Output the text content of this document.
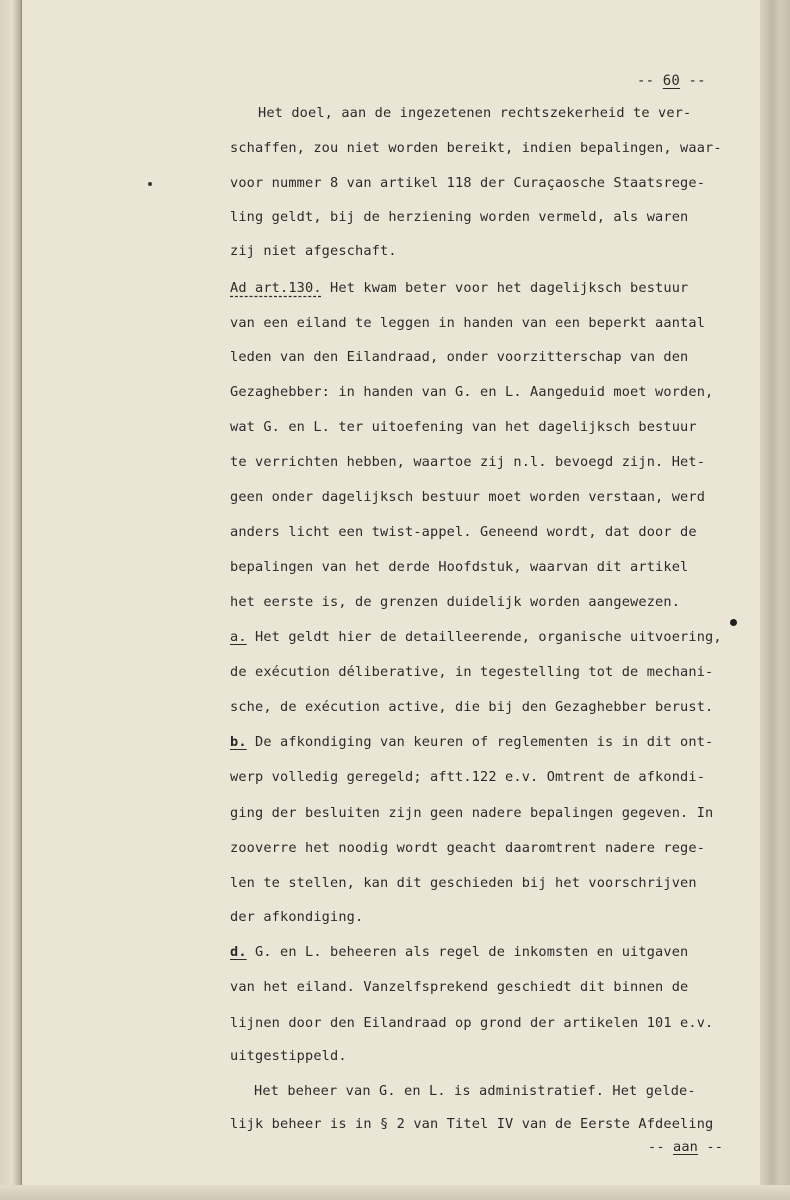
-- 60 --
Het doel, aan de ingezetenen rechtszekerheid te ver-
schaffen, zou niet worden bereikt, indien bepalingen, waar-
voor nummer 8 van artikel 118 der Curaçaosche Staatsrege-
ling geldt, bij de herziening worden vermeld, als waren
zij niet afgeschaft.
Ad art.130. Het kwam beter voor het dagelijksch bestuur
van een eiland te leggen in handen van een beperkt aantal
leden van den Eilandraad, onder voorzitterschap van den
Gezaghebber: in handen van G. en L. Aangeduid moet worden,
wat G. en L. ter uitoefening van het dagelijksch bestuur
te verrichten hebben, waartoe zij n.l. bevoegd zijn. Het-
geen onder dagelijksch bestuur moet worden verstaan, werd
anders licht een twist-appel. Geneend wordt, dat door de
bepalingen van het derde Hoofdstuk, waarvan dit artikel
het eerste is, de grenzen duidelijk worden aangewezen.
a. Het geldt hier de detailleerende, organische uitvoering,
de exécution déliberative, in tegestelling tot de mechani-
sche, de exécution active, die bij den Gezaghebber berust.
b. De afkondiging van keuren of reglementen is in dit ont-
werp volledig geregeld; aftt.122 e.v. Omtrent de afkondi-
ging der besluiten zijn geen nadere bepalingen gegeven. In
zooverre het noodig wordt geacht daaromtrent nadere rege-
len te stellen, kan dit geschieden bij het voorschrijven
der afkondiging.
d. G. en L. beheeren als regel de inkomsten en uitgaven
van het eiland. Vanzelfsprekend geschiedt dit binnen de
lijnen door den Eilandraad op grond der artikelen 101 e.v.
uitgestippeld.
Het beheer van G. en L. is administratief. Het gelde-
lijk beheer is in § 2 van Titel IV van de Eerste Afdeeling
-- aan --
